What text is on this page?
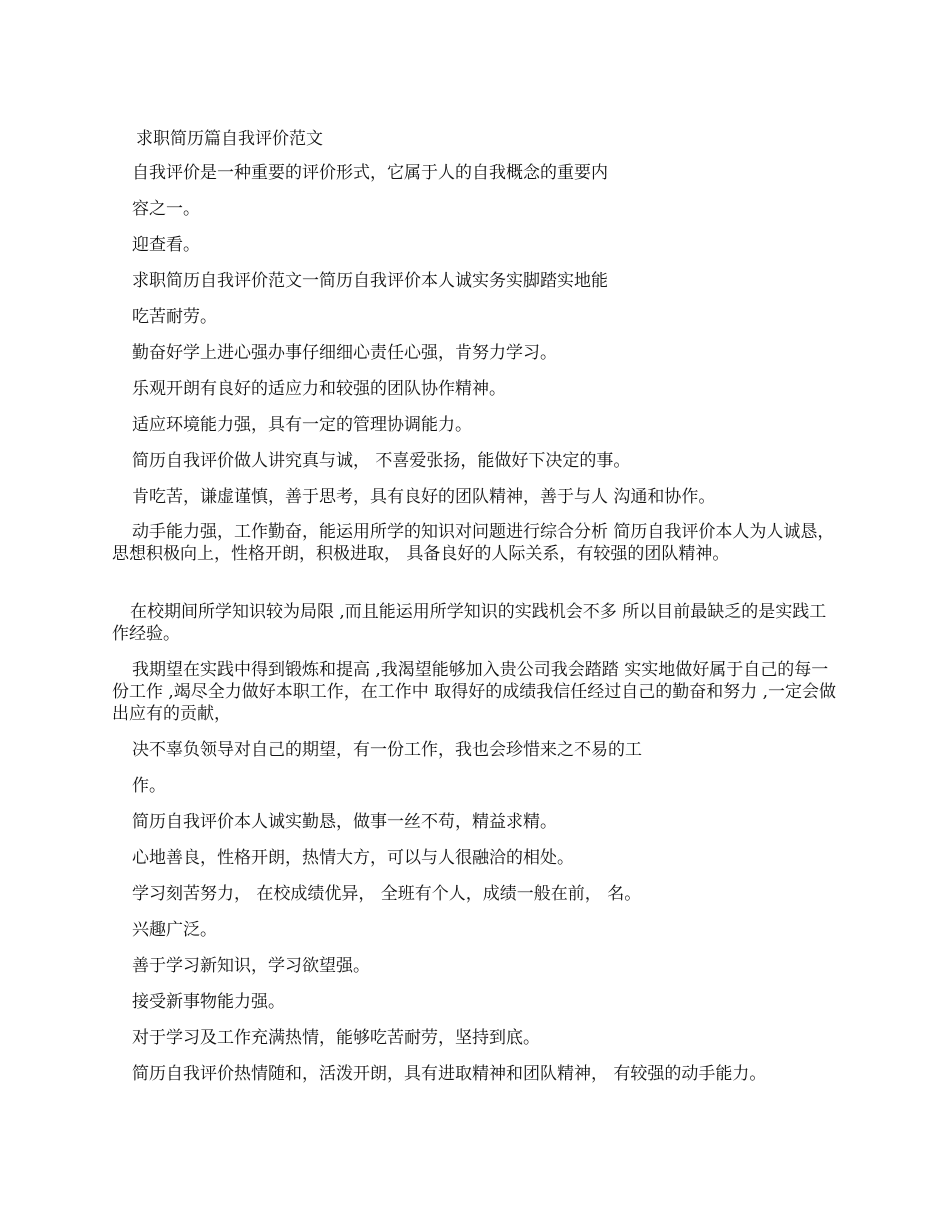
求职简历篇自我评价范文

自我评价是一种重要的评价形式，它属于人的自我概念的重要内

容之一。

迎查看。

求职简历自我评价范文一简历自我评价本人诚实务实脚踏实地能

吃苦耐劳。

勤奋好学上进心强办事仔细细心责任心强，肯努力学习。

乐观开朗有良好的适应力和较强的团队协作精神。

适应环境能力强，具有一定的管理协调能力。

简历自我评价做人讲究真与诚， 不喜爱张扬，能做好下决定的事。

肯吃苦，谦虚谨慎，善于思考，具有良好的团队精神，善于与人 沟通和协作。

动手能力强，工作勤奋，能运用所学的知识对问题进行综合分析 简历自我评价本人为人诚恳，思想积极向上，性格开朗，积极进取， 具备良好的人际关系，有较强的团队精神。

在校期间所学知识较为局限 ,而且能运用所学知识的实践机会不多 所以目前最缺乏的是实践工作经验。

我期望在实践中得到锻炼和提高 ,我渴望能够加入贵公司我会踏踏 实实地做好属于自己的每一份工作 ,竭尽全力做好本职工作，在工作中 取得好的成绩我信任经过自己的勤奋和努力 ,一定会做出应有的贡献，

决不辜负领导对自己的期望，有一份工作，我也会珍惜来之不易的工

作。

简历自我评价本人诚实勤恳，做事一丝不苟，精益求精。

心地善良，性格开朗，热情大方，可以与人很融洽的相处。

学习刻苦努力， 在校成绩优异， 全班有个人，成绩一般在前， 名。

兴趣广泛。

善于学习新知识，学习欲望强。

接受新事物能力强。

对于学习及工作充满热情，能够吃苦耐劳，坚持到底。

简历自我评价热情随和，活泼开朗，具有进取精神和团队精神， 有较强的动手能力。
